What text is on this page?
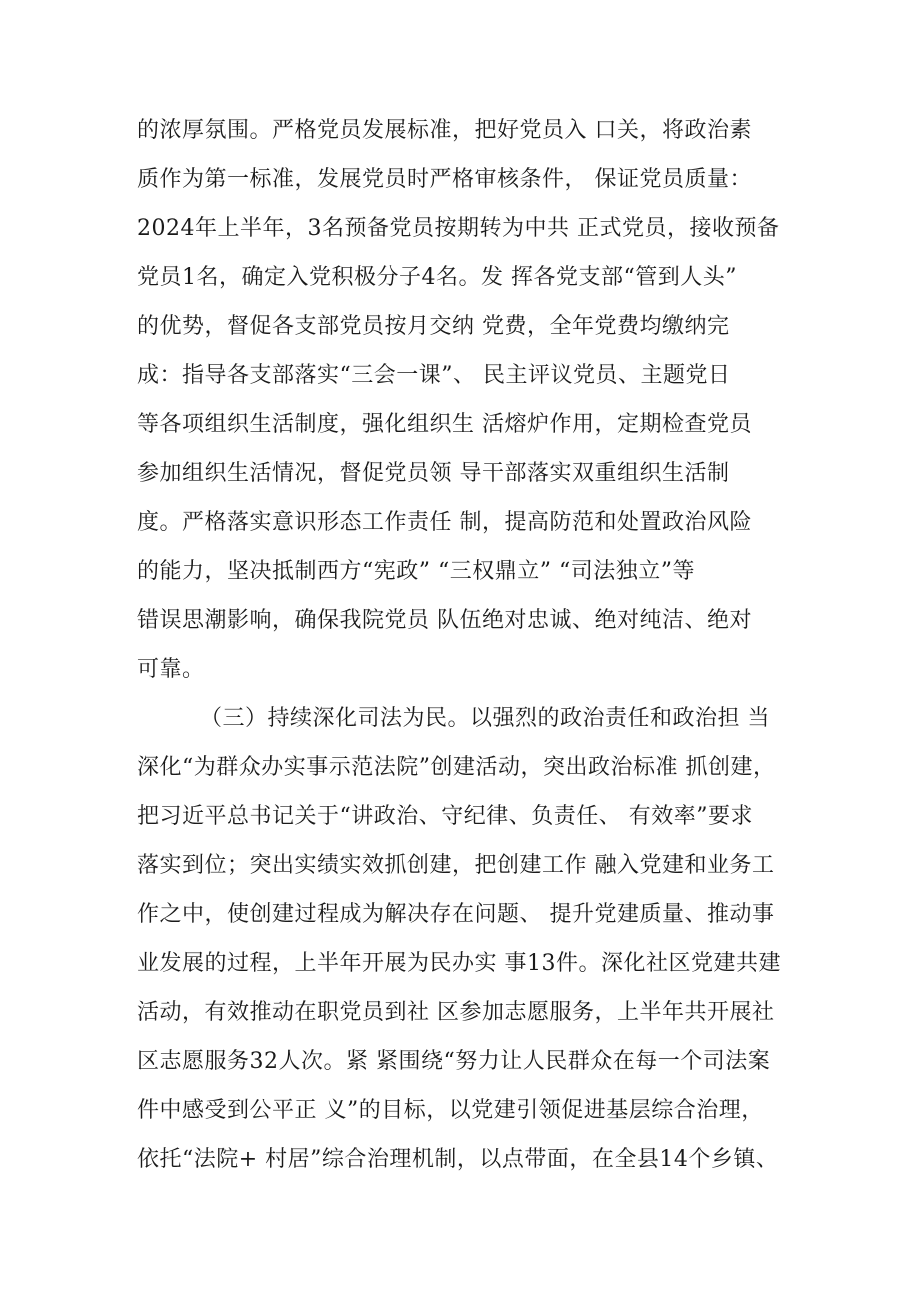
的浓厚氛围。严格党员发展标准，把好党员入 口关，将政治素
质作为第一标准，发展党员时严格审核条件， 保证党员质量：
2024年上半年，3名预备党员按期转为中共 正式党员，接收预备
党员1名，确定入党积极分子4名。发 挥各党支部“管到人头”
的优势，督促各支部党员按月交纳 党费，全年党费均缴纳完
成：指导各支部落实“三会一课”、 民主评议党员、主题党日
等各项组织生活制度，强化组织生 活熔炉作用，定期检查党员
参加组织生活情况，督促党员领 导干部落实双重组织生活制
度。严格落实意识形态工作责任 制，提高防范和处置政治风险
的能力，坚决抵制西方“宪政” “三权鼎立” “司法独立”等
错误思潮影响，确保我院党员 队伍绝对忠诚、绝对纯洁、绝对
可靠。
（三）持续深化司法为民。以强烈的政治责任和政治担 当
深化“为群众办实事示范法院”创建活动，突出政治标准 抓创建，
把习近平总书记关于“讲政治、守纪律、负责任、 有效率”要求
落实到位；突出实绩实效抓创建，把创建工作 融入党建和业务工
作之中，使创建过程成为解决存在问题、 提升党建质量、推动事
业发展的过程，上半年开展为民办实 事13件。深化社区党建共建
活动，有效推动在职党员到社 区参加志愿服务，上半年共开展社
区志愿服务32人次。紧 紧围绕“努力让人民群众在每一个司法案
件中感受到公平正 义”的目标，以党建引领促进基层综合治理，
依托“法院+ 村居”综合治理机制，以点带面，在全县14个乡镇、
